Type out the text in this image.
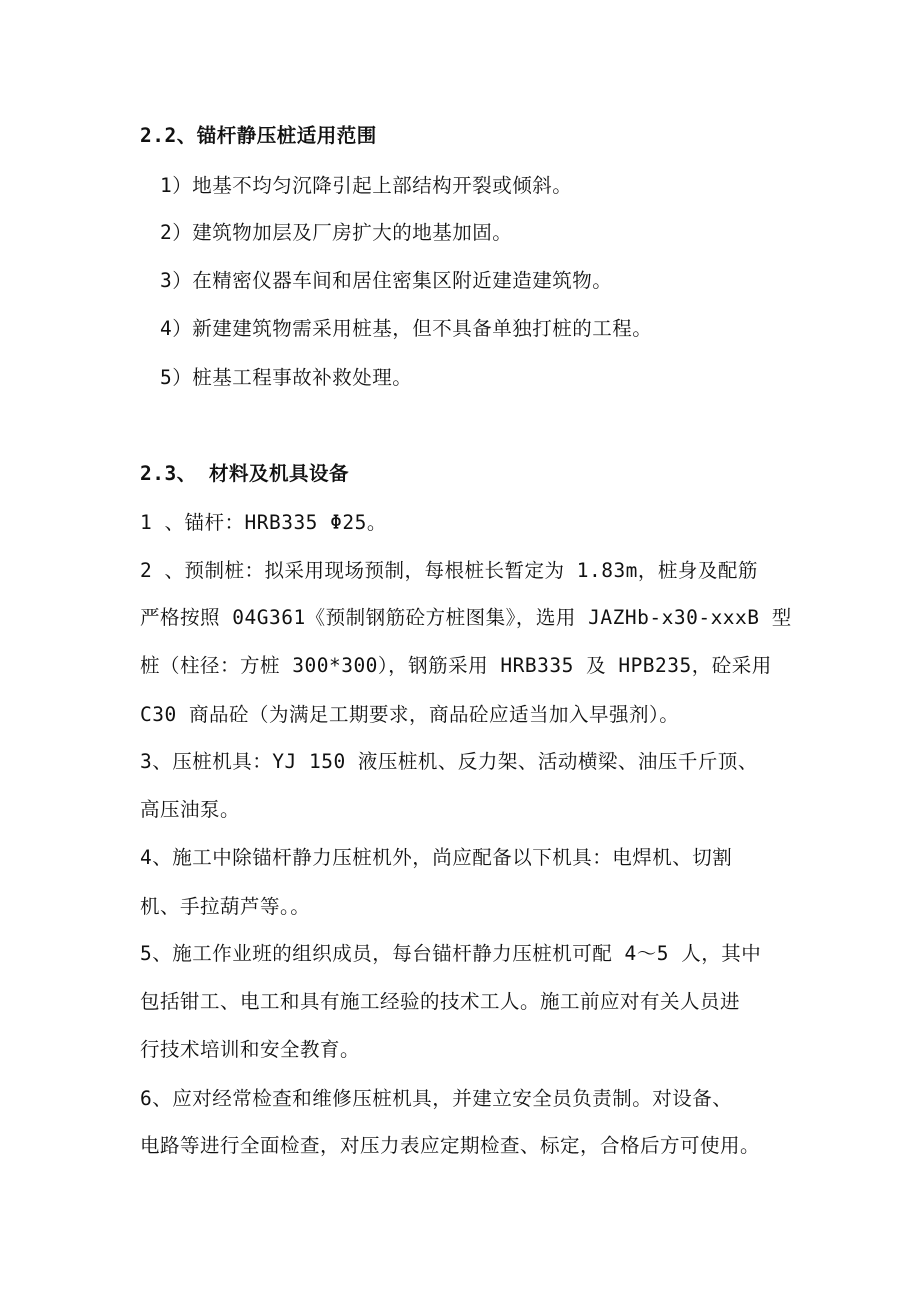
2.2、锚杆静压桩适用范围
1）地基不均匀沉降引起上部结构开裂或倾斜。
2）建筑物加层及厂房扩大的地基加固。
3）在精密仪器车间和居住密集区附近建造建筑物。
4）新建建筑物需采用桩基，但不具备单独打桩的工程。
5）桩基工程事故补救处理。
2.3、 材料及机具设备
1 、锚杆：HRB335 Φ25。
2 、预制桩：拟采用现场预制，每根桩长暂定为 1.83m，桩身及配筋
严格按照 04G361《预制钢筋砼方桩图集》，选用 JAZHb-x30-xxxB 型
桩（柱径：方桩 300*300），钢筋采用 HRB335 及 HPB235，砼采用
C30 商品砼（为满足工期要求，商品砼应适当加入早强剂）。
3、压桩机具：YJ 150 液压桩机、反力架、活动横梁、油压千斤顶、
高压油泵。
4、施工中除锚杆静力压桩机外，尚应配备以下机具：电焊机、切割
机、手拉葫芦等。。
5、施工作业班的组织成员，每台锚杆静力压桩机可配 4～5 人，其中
包括钳工、电工和具有施工经验的技术工人。施工前应对有关人员进
行技术培训和安全教育。
6、应对经常检查和维修压桩机具，并建立安全员负责制。对设备、
电路等进行全面检查，对压力表应定期检查、标定，合格后方可使用。
